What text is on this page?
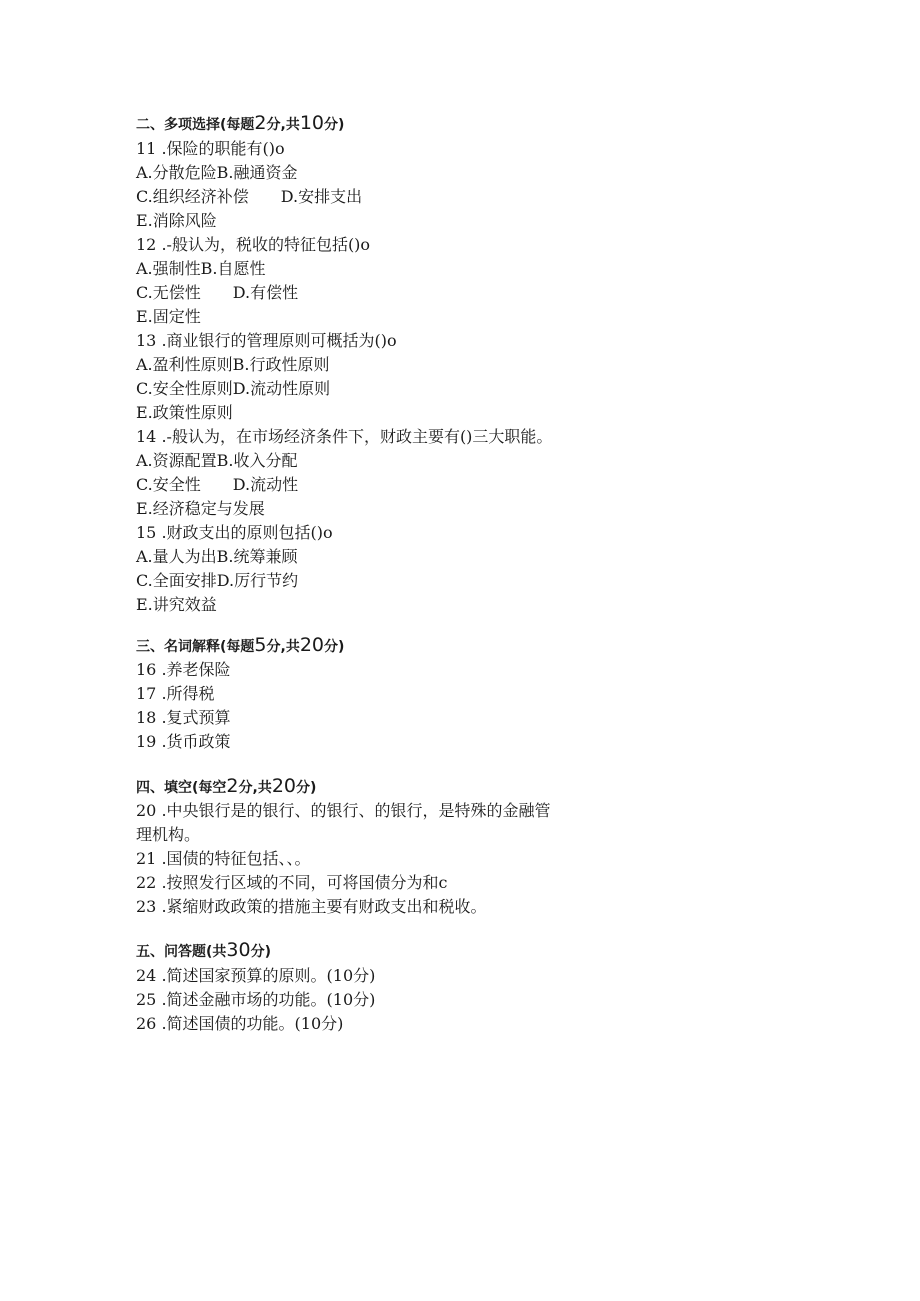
二、多项选择(每题2分,共10分)
11 .保险的职能有()o
A.分散危险B.融通资金
C.组织经济补偿 D.安排支出
E.消除风险
12 .-般认为，税收的特征包括()o
A.强制性B.自愿性
C.无偿性 D.有偿性
E.固定性
13 .商业银行的管理原则可概括为()o
A.盈利性原则B.行政性原则
C.安全性原则D.流动性原则
E.政策性原则
14 .-般认为，在市场经济条件下，财政主要有()三大职能。
A.资源配置B.收入分配
C.安全性 D.流动性
E.经济稳定与发展
15 .财政支出的原则包括()o
A.量人为出B.统筹兼顾
C.全面安排D.厉行节约
E.讲究效益
三、名词解释(每题5分,共20分)
16 .养老保险
17 .所得税
18 .复式预算
19 .货币政策
四、填空(每空2分,共20分)
20 .中央银行是的银行、的银行、的银行，是特殊的金融管
理机构。
21 .国债的特征包括、、。
22 .按照发行区域的不同，可将国债分为和c
23 .紧缩财政政策的措施主要有财政支出和税收。
五、问答题(共30分)
24 .简述国家预算的原则。(10分)
25 .简述金融市场的功能。(10分)
26 .简述国债的功能。(10分)
